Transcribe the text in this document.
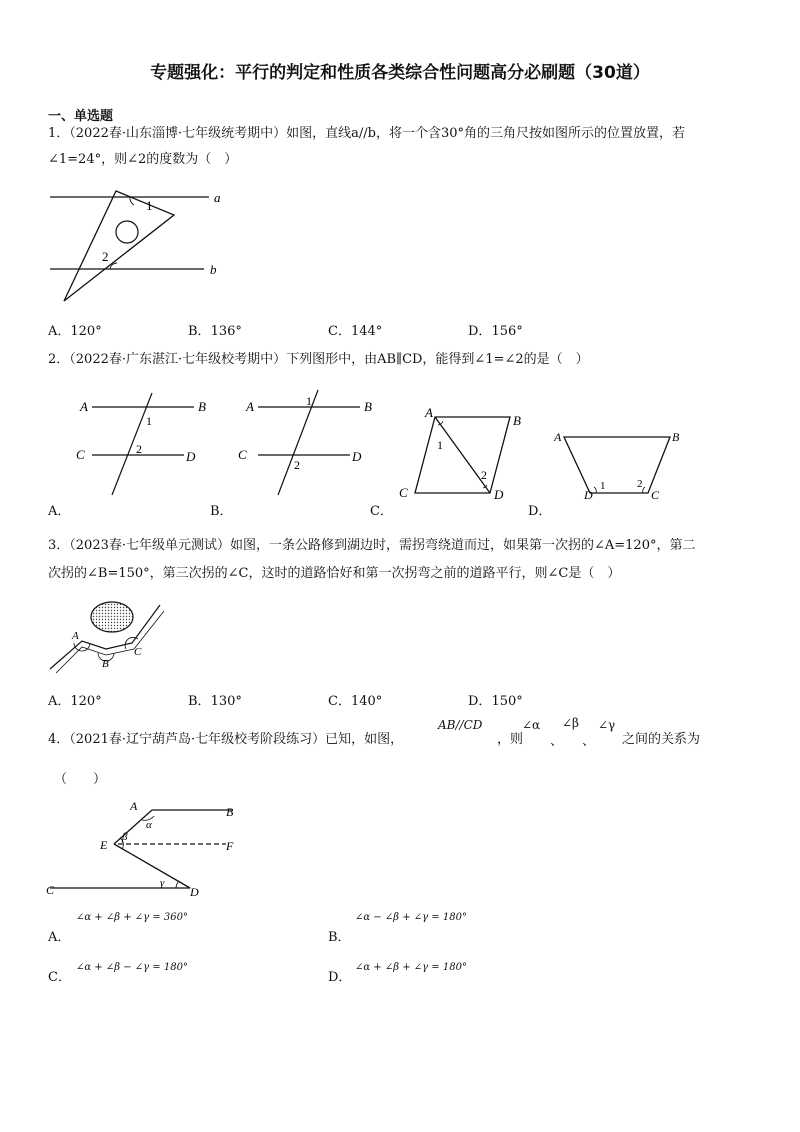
专题强化：平行的判定和性质各类综合性问题高分必刷题（30道）
一、单选题
1．（2022春·山东淄博·七年级统考期中）如图，直线a//b，将一个含30°角的三角尺按如图所示的位置放置，若
∠1=24°，则∠2的度数为（　）
a
b
1
2
A．120°	B．136°	C．144°	D．156°
2．（2022春·广东湛江·七年级校考期中）下列图形中，由AB∥CD，能得到∠1=∠2的是（　）
A	B
C	D
1
2
A	B
C	D
1
2
A
B
C	D
1
2
A	B
D	C
1	2
A．	B．	C．	D．
3．（2023春·七年级单元测试）如图，一条公路修到湖边时，需拐弯绕道而过，如果第一次拐的∠A=120°，第二
次拐的∠B=150°，第三次拐的∠C，这时的道路恰好和第一次拐弯之前的道路平行，则∠C是（　）
A
B
C
A．120°	B．130°	C．140°	D．150°
4．（2021春·辽宁葫芦岛·七年级校考阶段练习）已知，如图，
AB//CD
，则
∠α
、
∠β
、
∠γ
之间的关系为
（　　）
A	B
E	F
C	D
α
β
γ
A．
∠α + ∠β + ∠γ = 360°
B．
∠α − ∠β + ∠γ = 180°
C．
∠α + ∠β − ∠γ = 180°
D．
∠α + ∠β + ∠γ = 180°
